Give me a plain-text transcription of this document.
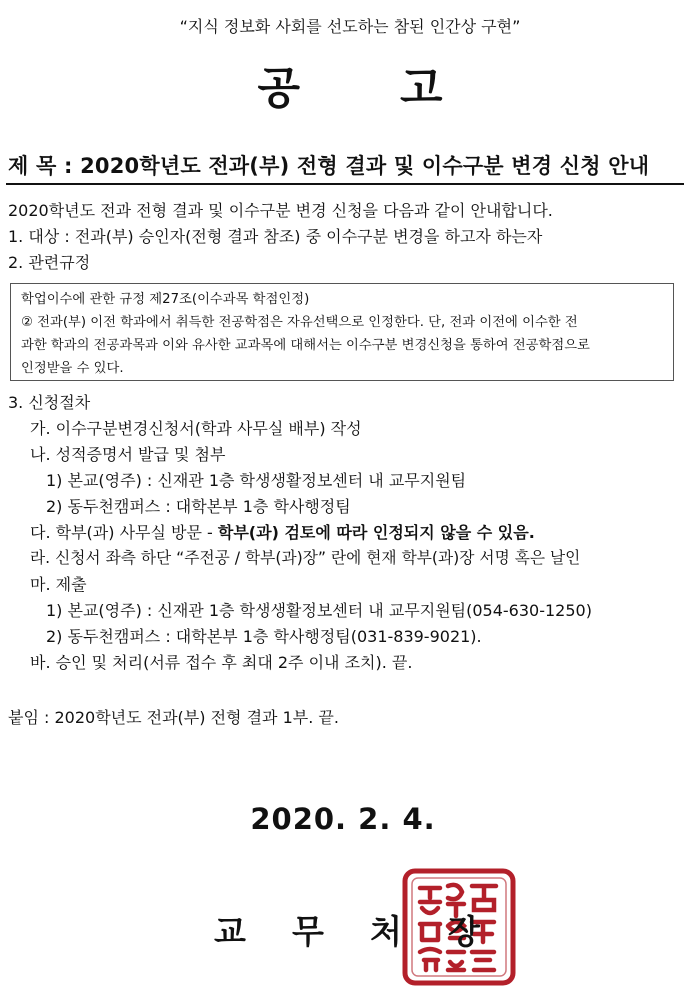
“지식 정보화 사회를 선도하는 참된 인간상 구현”
공 고
제 목 : 2020학년도 전과(부) 전형 결과 및 이수구분 변경 신청 안내
2020학년도 전과 전형 결과 및 이수구분 변경 신청을 다음과 같이 안내합니다.
1. 대상 : 전과(부) 승인자(전형 결과 참조) 중 이수구분 변경을 하고자 하는자
2. 관련규정
학업이수에 관한 규정 제27조(이수과목 학점인정)
② 전과(부) 이전 학과에서 취득한 전공학점은 자유선택으로 인정한다. 단, 전과 이전에 이수한 전
과한 학과의 전공과목과 이와 유사한 교과목에 대해서는 이수구분 변경신청을 통하여 전공학점으로
인정받을 수 있다.
3. 신청절차
가. 이수구분변경신청서(학과 사무실 배부) 작성
나. 성적증명서 발급 및 첨부
1) 본교(영주) : 신재관 1층 학생생활정보센터 내 교무지원팀
2) 동두천캠퍼스 : 대학본부 1층 학사행정팀
다. 학부(과) 사무실 방문 - 학부(과) 검토에 따라 인정되지 않을 수 있음.
라. 신청서 좌측 하단 “주전공 / 학부(과)장” 란에 현재 학부(과)장 서명 혹은 날인
마. 제출
1) 본교(영주) : 신재관 1층 학생생활정보센터 내 교무지원팀(054-630-1250)
2) 동두천캠퍼스 : 대학본부 1층 학사행정팀(031-839-9021).
바. 승인 및 처리(서류 접수 후 최대 2주 이내 조치). 끝.
붙임 : 2020학년도 전과(부) 전형 결과 1부. 끝.
2020. 2. 4.
교 무 처 장
